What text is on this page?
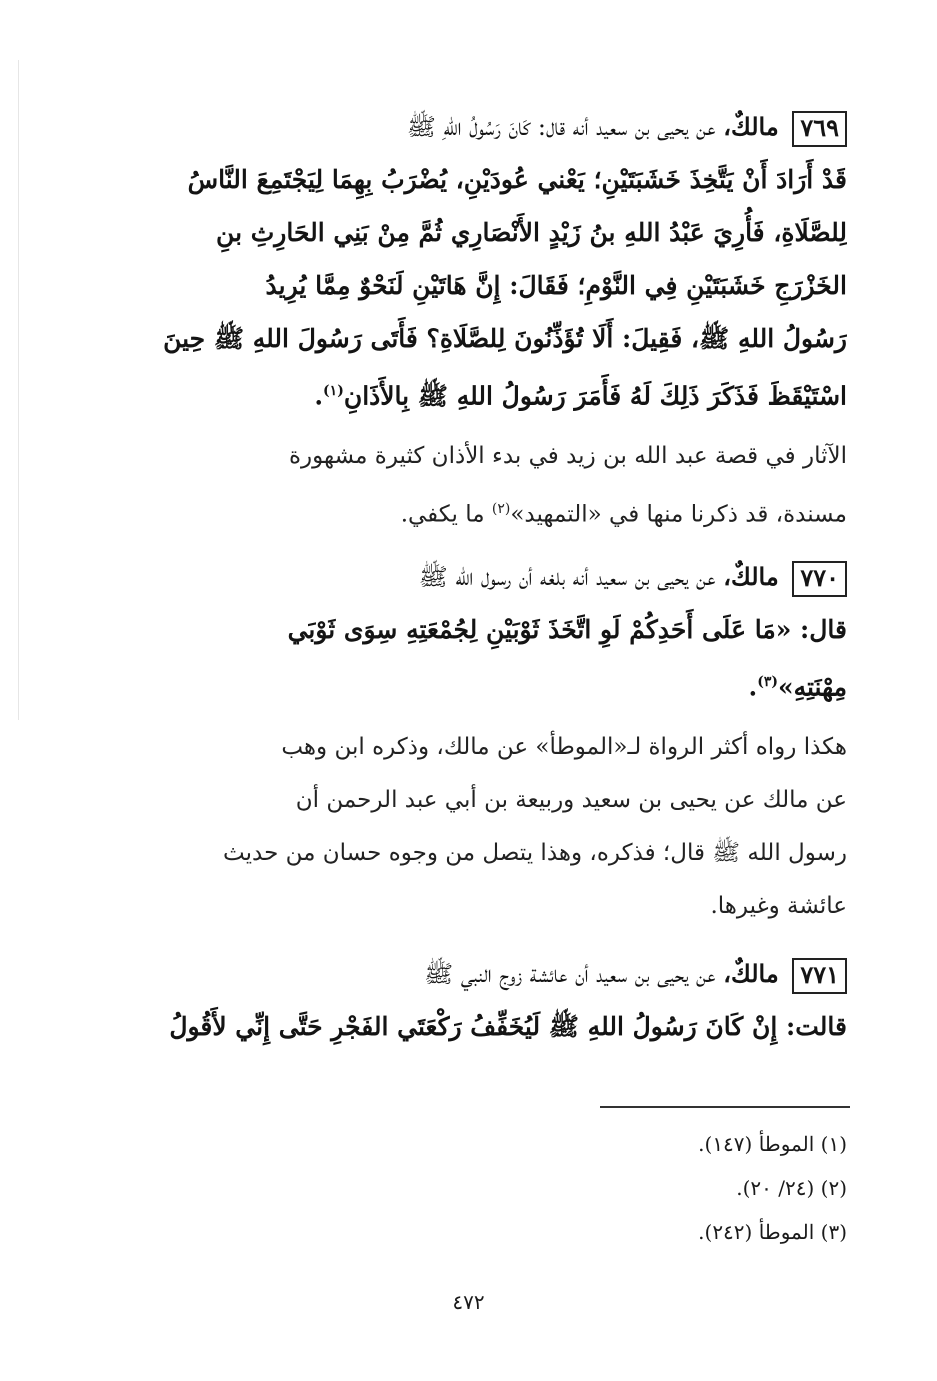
٧٦٩ مالكٌ، عن يحيى بن سعيد أنه قال: كَانَ رَسُولُ اللهِ ﷺ
قَدْ أَرَادَ أَنْ يَتَّخِذَ خَشَبَتَيْنِ؛ يَعْني عُودَيْنِ، يُضْرَبُ بِهِمَا لِيَجْتَمِعَ النَّاسُ
لِلصَّلَاةِ، فَأُرِيَ عَبْدُ اللهِ بنُ زَيْدٍ الأَنْصَارِي ثُمَّ مِنْ بَنِي الحَارِثِ بنِ
الخَزْرَجِ خَشَبَتَيْنِ فِي النَّوْمِ؛ فَقَالَ: إِنَّ هَاتَيْنِ لَنَحْوٌ مِمَّا يُرِيدُ
رَسُولُ اللهِ ﷺ، فَقِيلَ: أَلَا تُؤَذِّنُونَ لِلصَّلَاةِ؟ فَأَتَى رَسُولَ اللهِ ﷺ حِينَ
اسْتَيْقَظَ فَذَكَرَ ذَلِكَ لَهُ فَأَمَرَ رَسُولُ اللهِ ﷺ بِالأَذَانِ$^{(١)}$.
الآثار في قصة عبد الله بن زيد في بدء الأذان كثيرة مشهورة
مسندة، قد ذكرنا منها في «التمهيد»$^{(٢)}$ ما يكفي.
٧٧٠ مالكٌ، عن يحيى بن سعيد أنه بلغه أن رسول الله ﷺ
قال: «مَا عَلَى أَحَدِكُمْ لَوِ اتَّخَذَ ثَوْبَيْنِ لِجُمْعَتِهِ سِوَى ثَوْبَي
مِهْنَتِهِ»$^{(٣)}$.
هكذا رواه أكثر الرواة لـ«الموطأ» عن مالك، وذكره ابن وهب
عن مالك عن يحيى بن سعيد وربيعة بن أبي عبد الرحمن أن
رسول الله ﷺ قال؛ فذكره، وهذا يتصل من وجوه حسان من حديث
عائشة وغيرها.
٧٧١ مالكٌ، عن يحيى بن سعيد أن عائشة زوج النبي ﷺ
قالت: إِنْ كَانَ رَسُولُ اللهِ ﷺ لَيُخَفِّفُ رَكْعَتَي الفَجْرِ حَتَّى إِنِّي لأَقُولُ
(١) الموطأ (١٤٧).
(٢) (٢٤/ ٢٠).
(٣) الموطأ (٢٤٢).
٤٧٢
